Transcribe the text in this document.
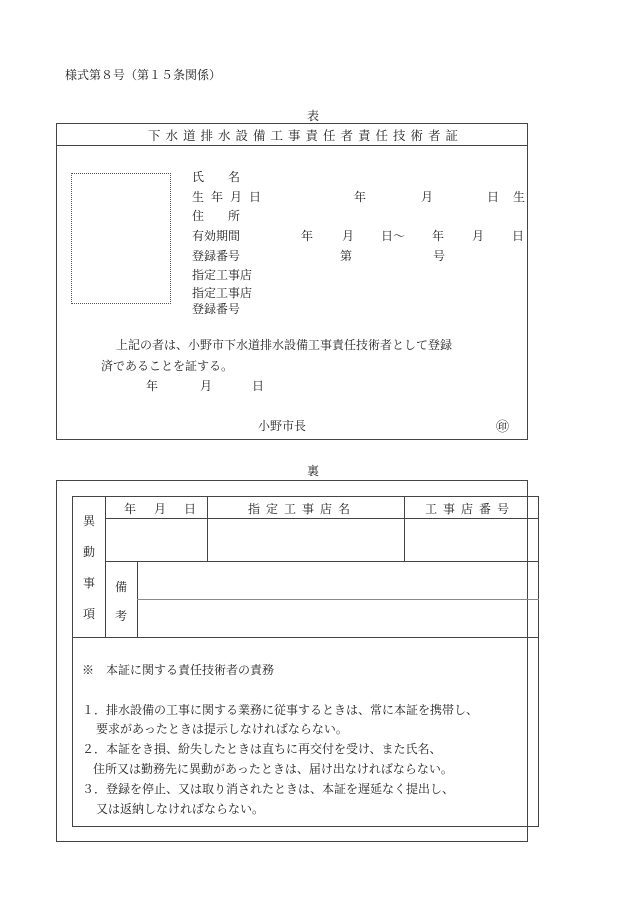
様式第８号（第１５条関係）
表
下水道排水設備工事責任者責任技術者証
氏　　名
生年月日	年	月	日 生
住　　所
有効期間	年 月 日〜 年 月 日
登録番号	第	号
指定工事店
指定工事店
登録番号
上記の者は、小野市下水道排水設備工事責任技術者として登録
済であることを証する。
年	月	日
小野市長	㊞
裏
異
動
事
項
年　月　日	指定工事店名	工事店番号
備
考
※　本証に関する責任技術者の責務
１．排水設備の工事に関する業務に従事するときは、常に本証を携帯し、
要求があったときは提示しなければならない。
２．本証をき損、紛失したときは直ちに再交付を受け、また氏名、
住所又は勤務先に異動があったときは、届け出なければならない。
３．登録を停止、又は取り消されたときは、本証を遅延なく提出し、
又は返納しなければならない。
